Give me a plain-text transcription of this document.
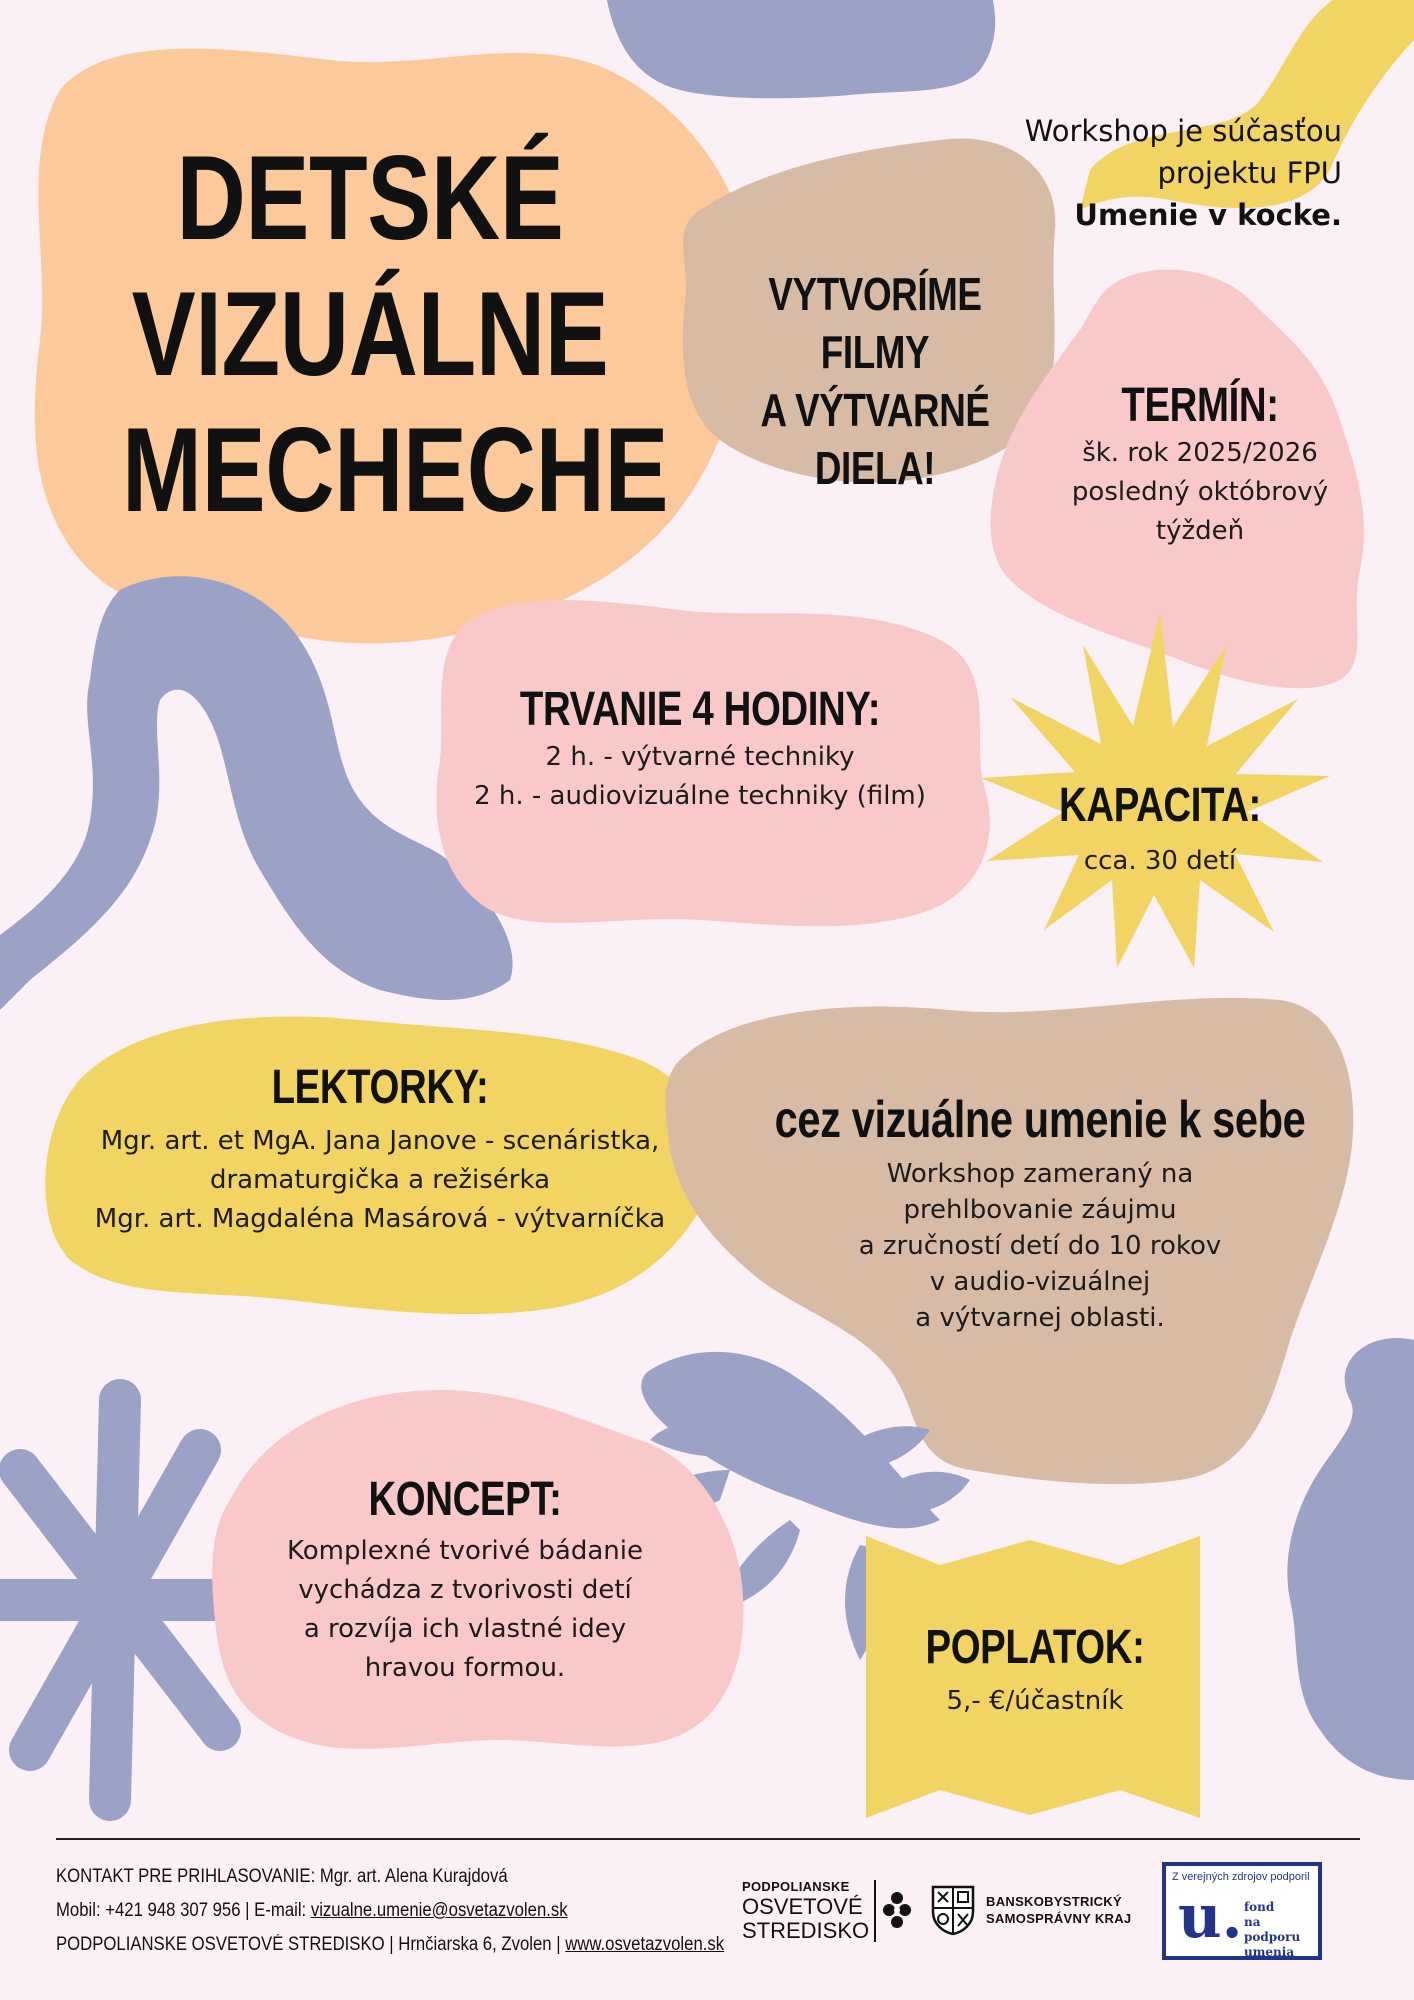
DETSKÉ
VIZUÁLNE
MECHECHE
VYTVORÍME FILMY
A VÝTVARNÉ DIELA!
Workshop je súčasťou
projektu FPU
Umenie v kocke.
TERMÍN:
šk. rok 2025/2026
posledný októbrový
týždeň
TRVANIE 4 HODINY:
2 h. - výtvarné techniky
2 h. - audiovizuálne techniky (film)	KAPACITA:
cca. 30 detí
LEKTORKY:
Mgr. art. et MgA. Jana Janove - scenáristka,
dramaturgička a režisérka
Mgr. art. Magdaléna Masárová - výtvarníčka
cez vizuálne umenie k sebe
Workshop zameraný na
prehlbovanie záujmu
a zručností detí do 10 rokov
v audio-vizuálnej
a výtvarnej oblasti.
KONCEPT:
Komplexné tvorivé bádanie
vychádza z tvorivosti detí
a rozvíja ich vlastné idey
hravou formou.	POPLATOK:
5,- €/účastník
KONTAKT PRE PRIHLASOVANIE: Mgr. art. Alena Kurajdová
Mobil: +421 948 307 956 | E-mail: vizualne.umenie@osvetazvolen.sk
PODPOLIANSKE OSVETOVÉ STREDISKO | Hrnčiarska 6, Zvolen | www.osvetazvolen.sk
PODPOLIANSKE
OSVETOVÉ
STREDISKO
BANSKOBYSTRICKÝ
SAMOSPRÁVNY KRAJ
Z verejných zdrojov podporil
u. fond
na podporu
umenia
